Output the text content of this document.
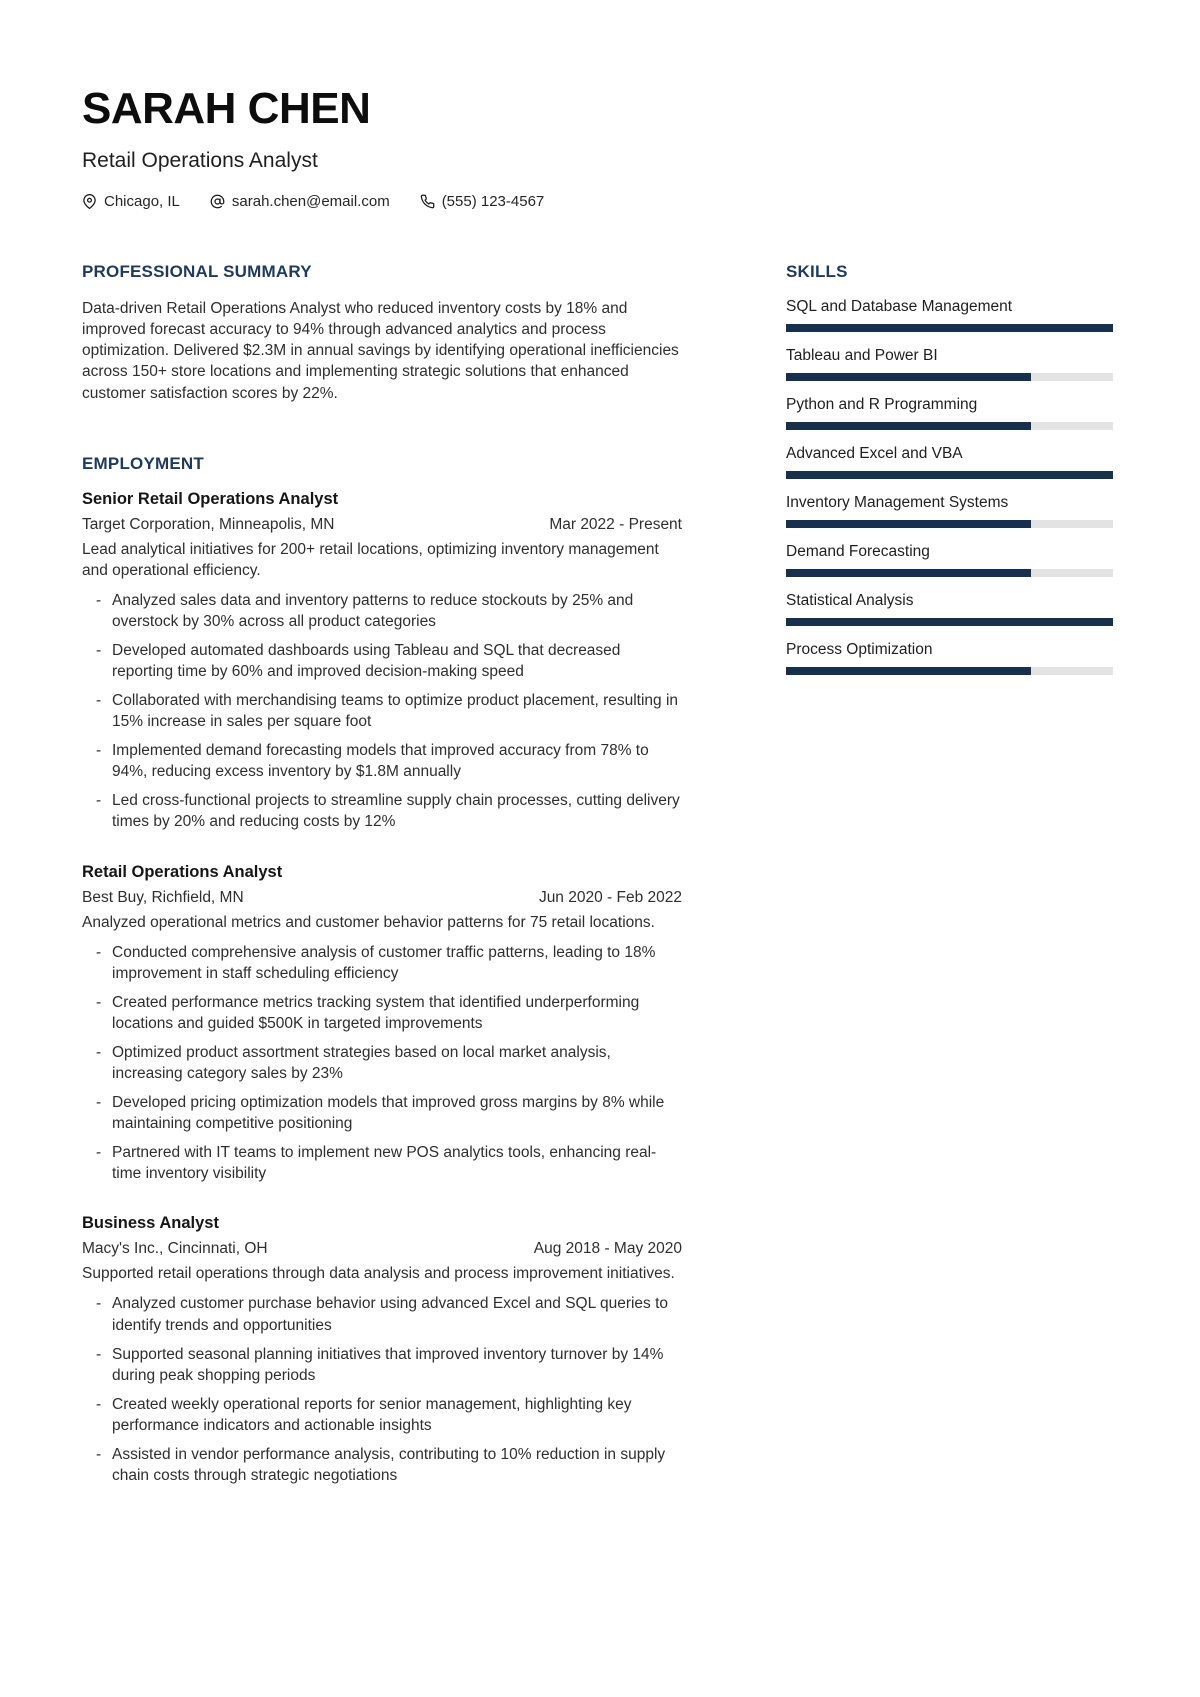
SARAH CHEN
Retail Operations Analyst
Chicago, IL	sarah.chen@email.com	(555) 123-4567
PROFESSIONAL SUMMARY

Data-driven Retail Operations Analyst who reduced inventory costs by 18% and improved forecast accuracy to 94% through advanced analytics and process optimization. Delivered $2.3M in annual savings by identifying operational inefficiencies across 150+ store locations and implementing strategic solutions that enhanced customer satisfaction scores by 22%.

EMPLOYMENT
Senior Retail Operations Analyst
Target Corporation, Minneapolis, MN	Mar 2022 - Present

Lead analytical initiatives for 200+ retail locations, optimizing inventory management and operational efficiency.

- Analyzed sales data and inventory patterns to reduce stockouts by 25% and overstock by 30% across all product categories
- Developed automated dashboards using Tableau and SQL that decreased reporting time by 60% and improved decision-making speed
- Collaborated with merchandising teams to optimize product placement, resulting in 15% increase in sales per square foot
- Implemented demand forecasting models that improved accuracy from 78% to 94%, reducing excess inventory by $1.8M annually
- Led cross-functional projects to streamline supply chain processes, cutting delivery times by 20% and reducing costs by 12%
Retail Operations Analyst
Best Buy, Richfield, MN	Jun 2020 - Feb 2022

Analyzed operational metrics and customer behavior patterns for 75 retail locations.

- Conducted comprehensive analysis of customer traffic patterns, leading to 18% improvement in staff scheduling efficiency
- Created performance metrics tracking system that identified underperforming locations and guided $500K in targeted improvements
- Optimized product assortment strategies based on local market analysis, increasing category sales by 23%
- Developed pricing optimization models that improved gross margins by 8% while maintaining competitive positioning
- Partnered with IT teams to implement new POS analytics tools, enhancing real-time inventory visibility
Business Analyst
Macy's Inc., Cincinnati, OH	Aug 2018 - May 2020

Supported retail operations through data analysis and process improvement initiatives.

- Analyzed customer purchase behavior using advanced Excel and SQL queries to identify trends and opportunities
- Supported seasonal planning initiatives that improved inventory turnover by 14% during peak shopping periods
- Created weekly operational reports for senior management, highlighting key performance indicators and actionable insights
- Assisted in vendor performance analysis, contributing to 10% reduction in supply chain costs through strategic negotiations
SKILLS
SQL and Database Management
Tableau and Power BI
Python and R Programming
Advanced Excel and VBA
Inventory Management Systems
Demand Forecasting
Statistical Analysis
Process Optimization
